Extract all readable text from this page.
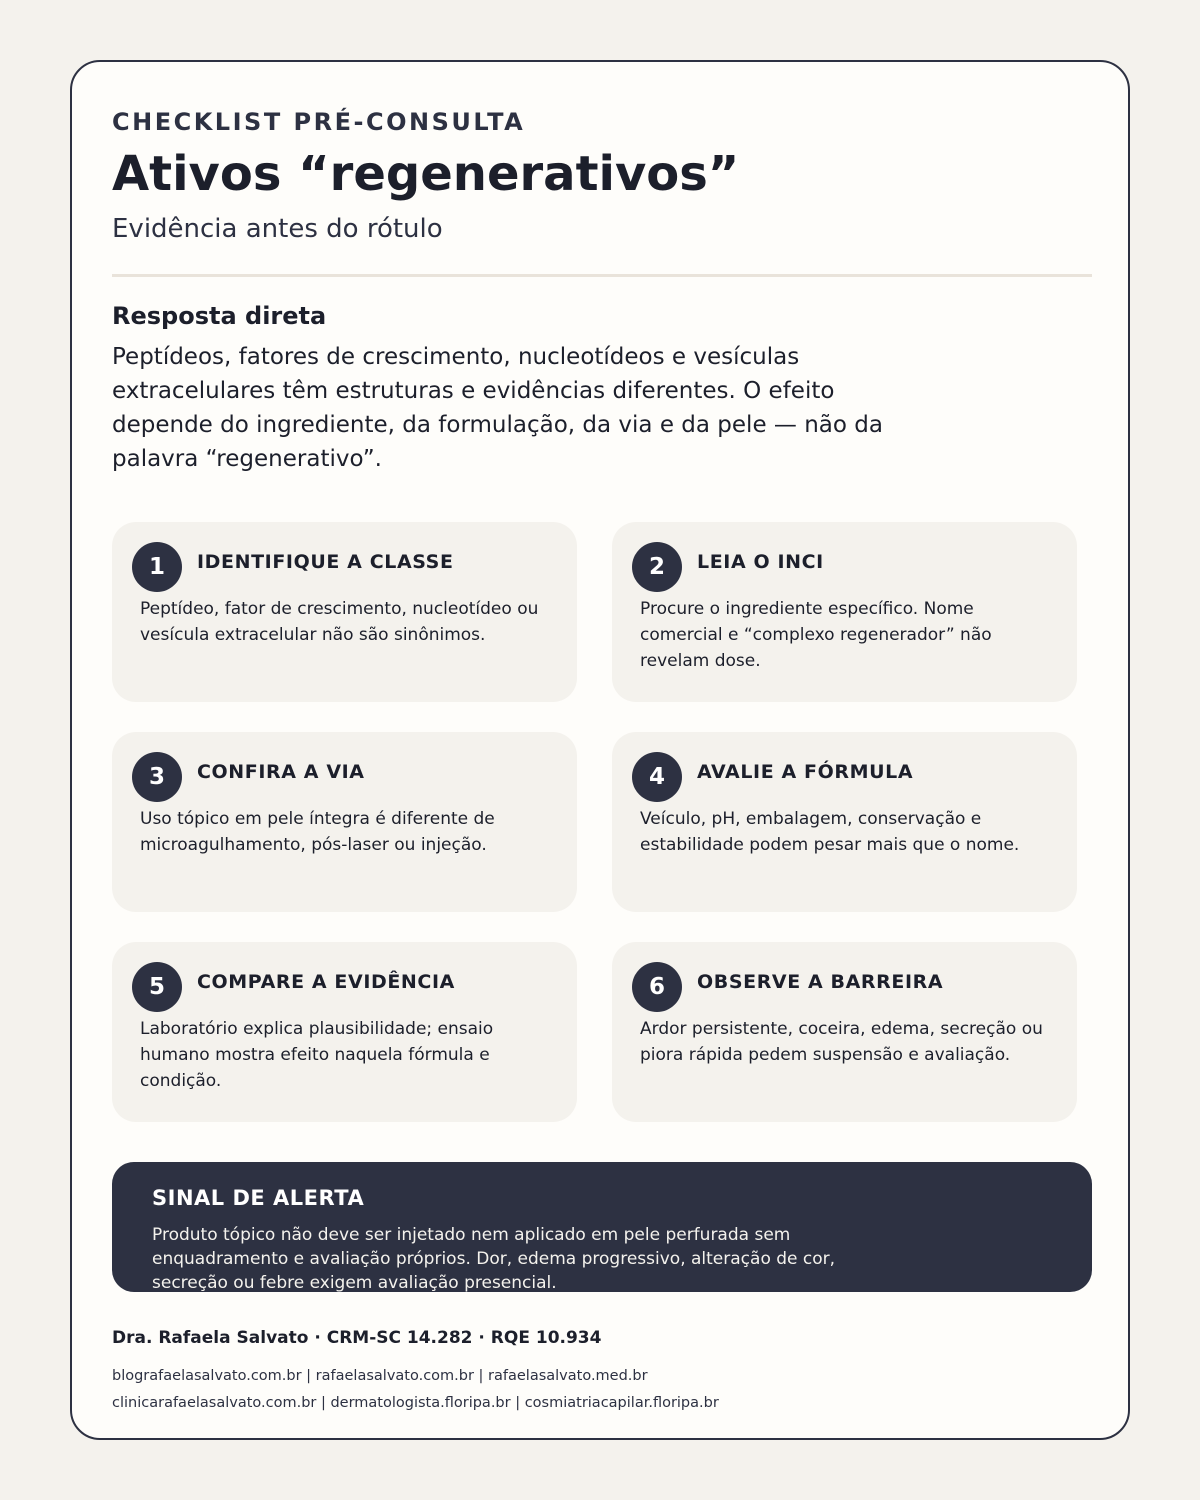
CHECKLIST PRÉ-CONSULTA
Ativos “regenerativos”
Evidência antes do rótulo
Resposta direta
Peptídeos, fatores de crescimento, nucleotídeos e vesículas extracelulares têm estruturas e evidências diferentes. O efeito depende do ingrediente, da formulação, da via e da pele — não da palavra “regenerativo”.
1	IDENTIFIQUE A CLASSE
Peptídeo, fator de crescimento, nucleotídeo ou vesícula extracelular não são sinônimos.
2	LEIA O INCI
Procure o ingrediente específico. Nome comercial e “complexo regenerador” não revelam dose.
3	CONFIRA A VIA
Uso tópico em pele íntegra é diferente de microagulhamento, pós-laser ou injeção.
4	AVALIE A FÓRMULA
Veículo, pH, embalagem, conservação e estabilidade podem pesar mais que o nome.
5	COMPARE A EVIDÊNCIA
Laboratório explica plausibilidade; ensaio humano mostra efeito naquela fórmula e condição.
6	OBSERVE A BARREIRA
Ardor persistente, coceira, edema, secreção ou piora rápida pedem suspensão e avaliação.
SINAL DE ALERTA
Produto tópico não deve ser injetado nem aplicado em pele perfurada sem enquadramento e avaliação próprios. Dor, edema progressivo, alteração de cor, secreção ou febre exigem avaliação presencial.
Dra. Rafaela Salvato · CRM-SC 14.282 · RQE 10.934
blografaelasalvato.com.br | rafaelasalvato.com.br | rafaelasalvato.med.br
clinicarafaelasalvato.com.br | dermatologista.floripa.br | cosmiatriacapilar.floripa.br
